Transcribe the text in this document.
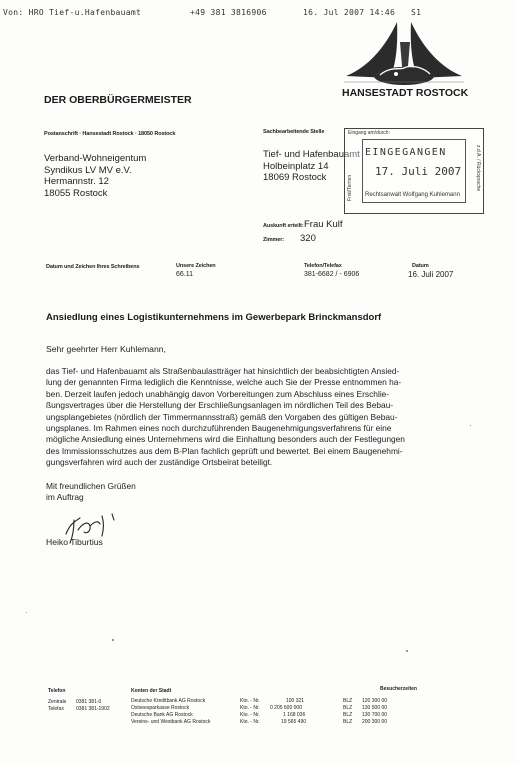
Von: HRO Tief-u.Hafenbauamt	+49 381 3816906	16. Jul 2007 14:46 S1
HANSESTADT ROSTOCK
DER OBERBÜRGERMEISTER
Postanschrift · Hansestadt Rostock · 18050 Rostock
Verband-Wohneigentum
Syndikus LV MV e.V.
Hermannstr. 12
18055 Rostock
Sachbearbeitende Stelle
Tief- und Hafenbauamt
Holbeinplatz 14
18069 Rostock
Auskunft erteilt: Frau Kulf
Zimmer: 320
Eingang am/durch:
EINGEGANGEN
17. Juli 2007
Rechtsanwalt Wolfgang Kuhlemann
Frist/Termin	z.d.A. / Rücksprache
Datum und Zeichen Ihres Schreibens	Unsere Zeichen
66.11
Telefon/Telefax
381-6682 / - 6906
Datum
16. Juli 2007
Ansiedlung eines Logistikunternehmens im Gewerbepark Brinckmansdorf
Sehr geehrter Herr Kuhlemann,

das Tief- und Hafenbauamt als Straßenbaulastträger hat hinsichtlich der beabsichtigten Ansied-

lung der genannten Firma lediglich die Kenntnisse, welche auch Sie der Presse entnommen ha-

ben. Derzeit laufen jedoch unabhängig davon Vorbereitungen zum Abschluss eines Erschlie-

ßungsvertrages über die Herstellung der Erschließungsanlagen im nördlichen Teil des Bebau-

ungsplangebietes (nördlich der Timmermannsstraß) gemäß den Vorgaben des gültigen Bebau-

ungsplanes. Im Rahmen eines noch durchzuführenden Baugenehmigungsverfahrens für eine

mögliche Ansiedlung eines Unternehmens wird die Einhaltung besonders auch der Festlegungen

des Immissionsschutzes aus dem B-Plan fachlich geprüft und bewertet. Bei einem Baugenehmi-

gungsverfahren wird auch der zuständige Ortsbeirat beteiligt.

Mit freundlichen Grüßen
im Auftrag
Heiko Tiburtius
Telefon
Zentrale 0381 381-0
Telefax 0381 381-1902
Konten der Stadt
Deutsche Kreditbank AG Rostock	Kto. - Nr.	100 321	BLZ 120 300 00
Ostseesparkasse Rostock	Kto. - Nr. 0 205 600 000	BLZ 130 500 00
Deutsche Bank AG Rostock	Kto. - Nr.	1 168 036	BLZ 130 700 00
Vereins- und Westbank AG Rostock	Kto. - Nr.	19 565 490	BLZ 200 300 00
Besucherzeiten
